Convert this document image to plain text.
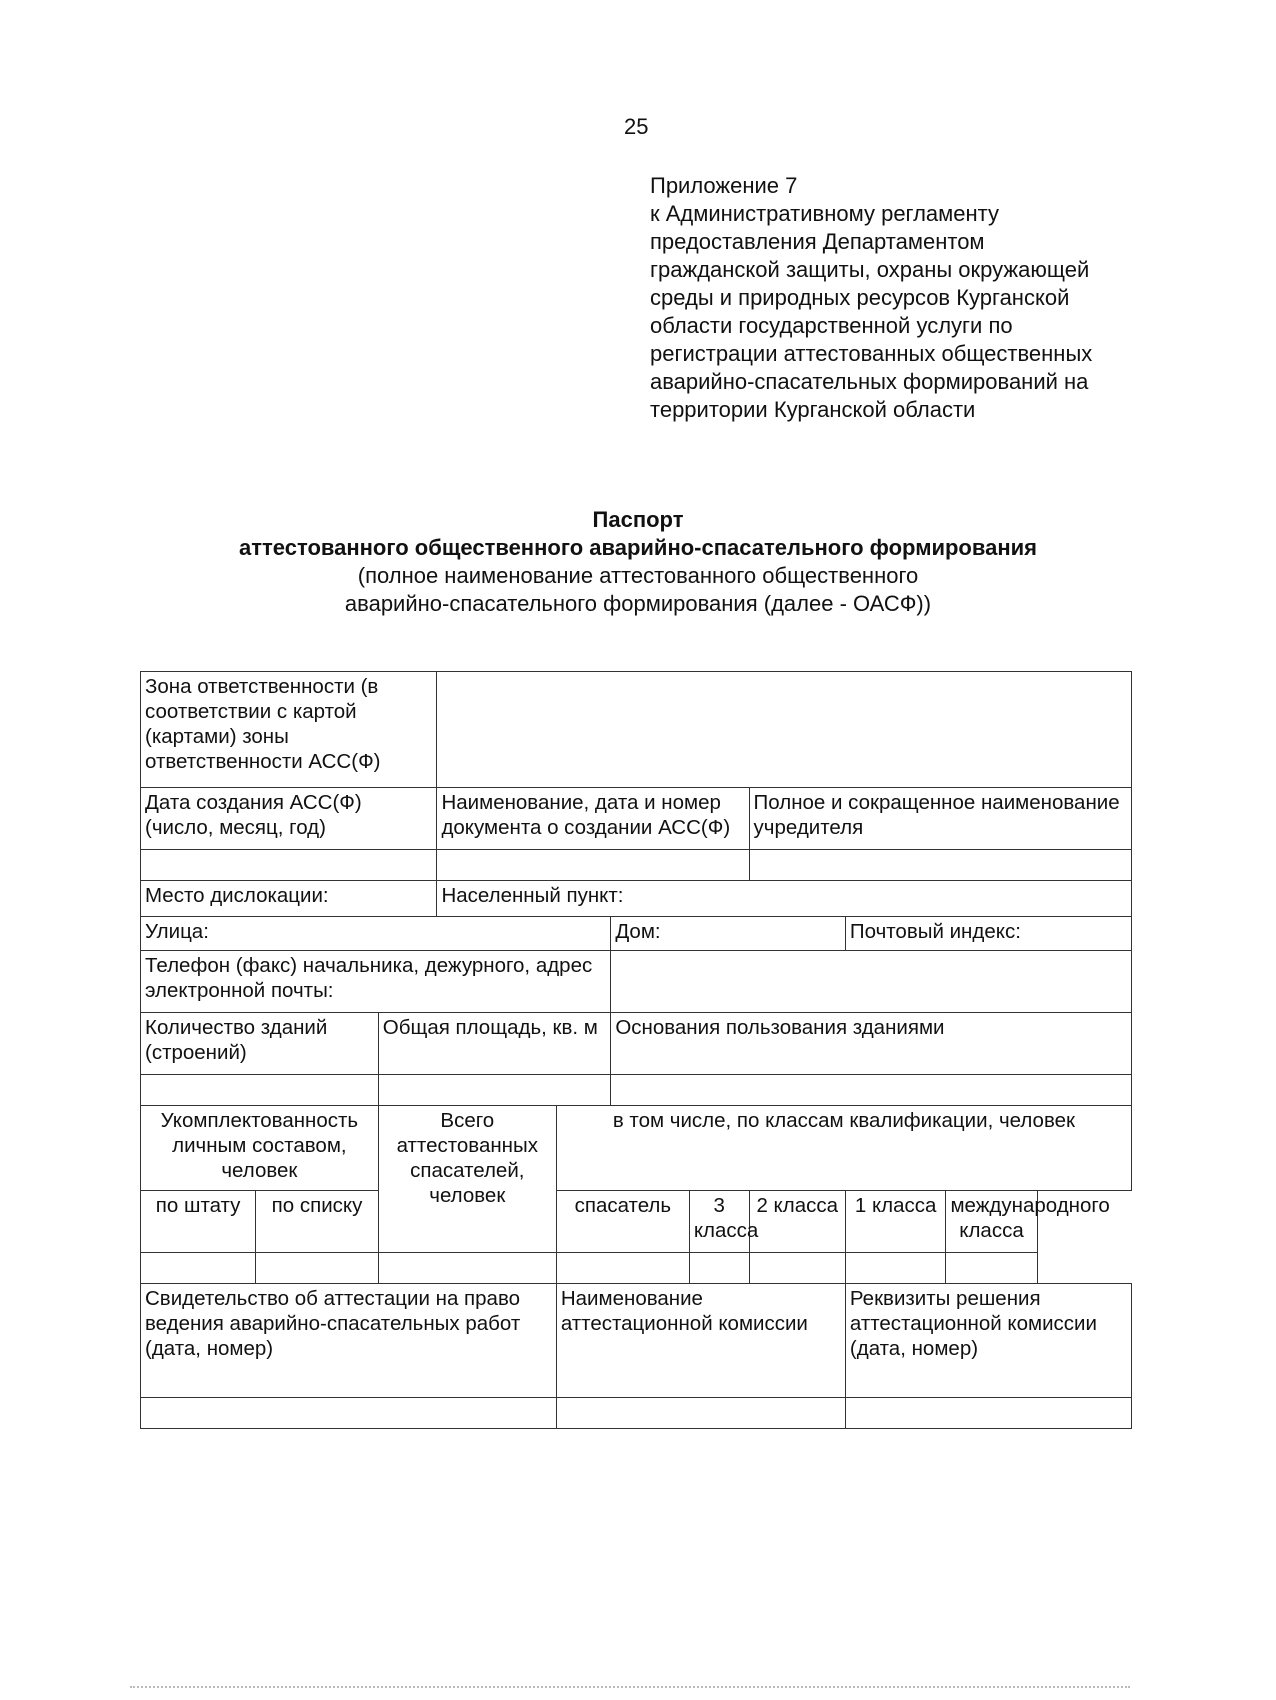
25
Приложение 7
к Административному регламенту
предоставления Департаментом
гражданской защиты, охраны окружающей
среды и природных ресурсов Курганской
области государственной услуги по
регистрации аттестованных общественных
аварийно-спасательных формирований на
территории Курганской области
Паспорт
аттестованного общественного аварийно-спасательного формирования
(полное наименование аттестованного общественного
аварийно-спасательного формирования (далее - ОАСФ))
Зона ответственности (в соответствии с картой (картами) зоны ответственности АСС(Ф)									
Дата создания АСС(Ф) (число, месяц, год)			Наименование, дата и номер документа о создании АСС(Ф)				Полное и сокращенное наименование учредителя		

Место дислокации:			Населенный пункт:						
Улица:					Дом:			Почтовый индекс:	
Телефон (факс) начальника, дежурного, адрес электронной почты:									
Количество зданий (строений)		Общая площадь, кв. м			Основания пользования зданиями				

Укомплектованность личным составом, человек		Всего аттестованных спасателей, человек		в том числе, по классам квалификации, человек					
по штату	по списку			спасатель		3 класса	2 класса	1 класса	международного класса

Свидетельство об аттестации на право ведения аварийно-спасательных работ (дата, номер)				Наименование аттестационной комиссии				Реквизиты решения аттестационной комиссии (дата, номер)	
